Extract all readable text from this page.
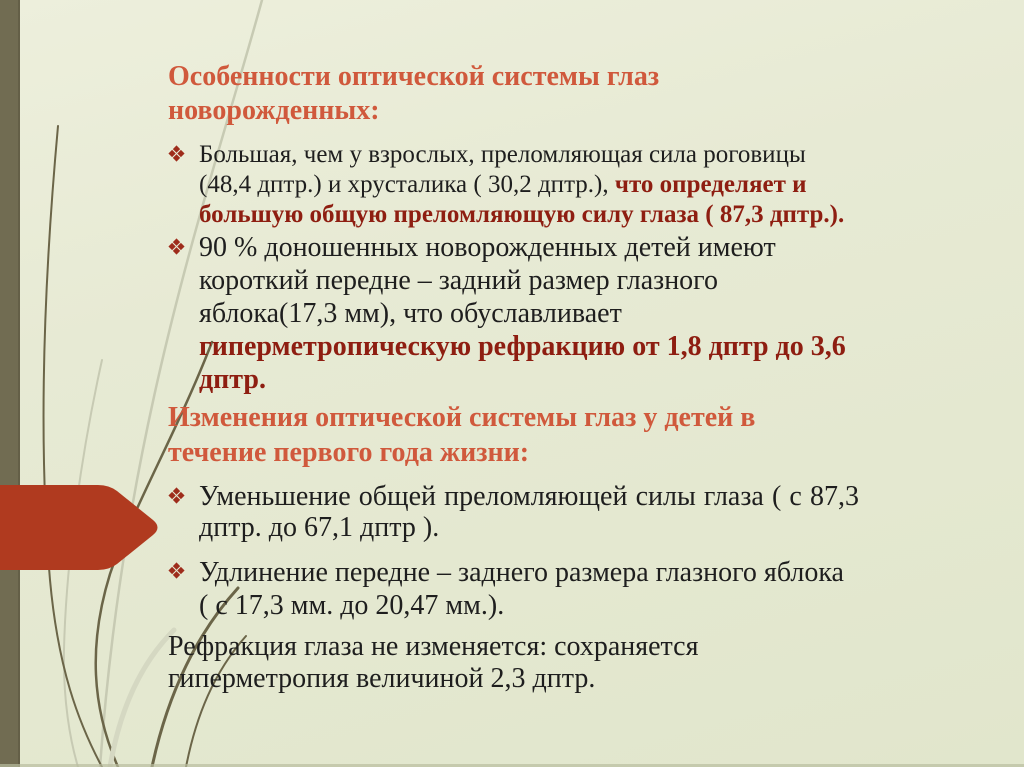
Особенности оптической системы глаз новорожденных:

Большая, чем у взрослых, преломляющая сила роговицы (48,4 дптр.) и хрусталика ( 30,2 дптр.), что определяет и большую общую преломляющую силу глаза ( 87,3 дптр.).

90 % доношенных новорожденных детей имеют короткий передне – задний размер глазного яблока(17,3 мм), что обуславливает гиперметропическую рефракцию от 1,8 дптр до 3,6 дптр.

Изменения оптической системы глаз у детей в течение первого года жизни:

Уменьшение общей преломляющей силы глаза ( с 87,3 дптр. до 67,1 дптр ).

Удлинение передне – заднего размера глазного яблока ( с 17,3 мм. до 20,47 мм.).

Рефракция глаза не изменяется: сохраняется гиперметропия величиной 2,3 дптр.
